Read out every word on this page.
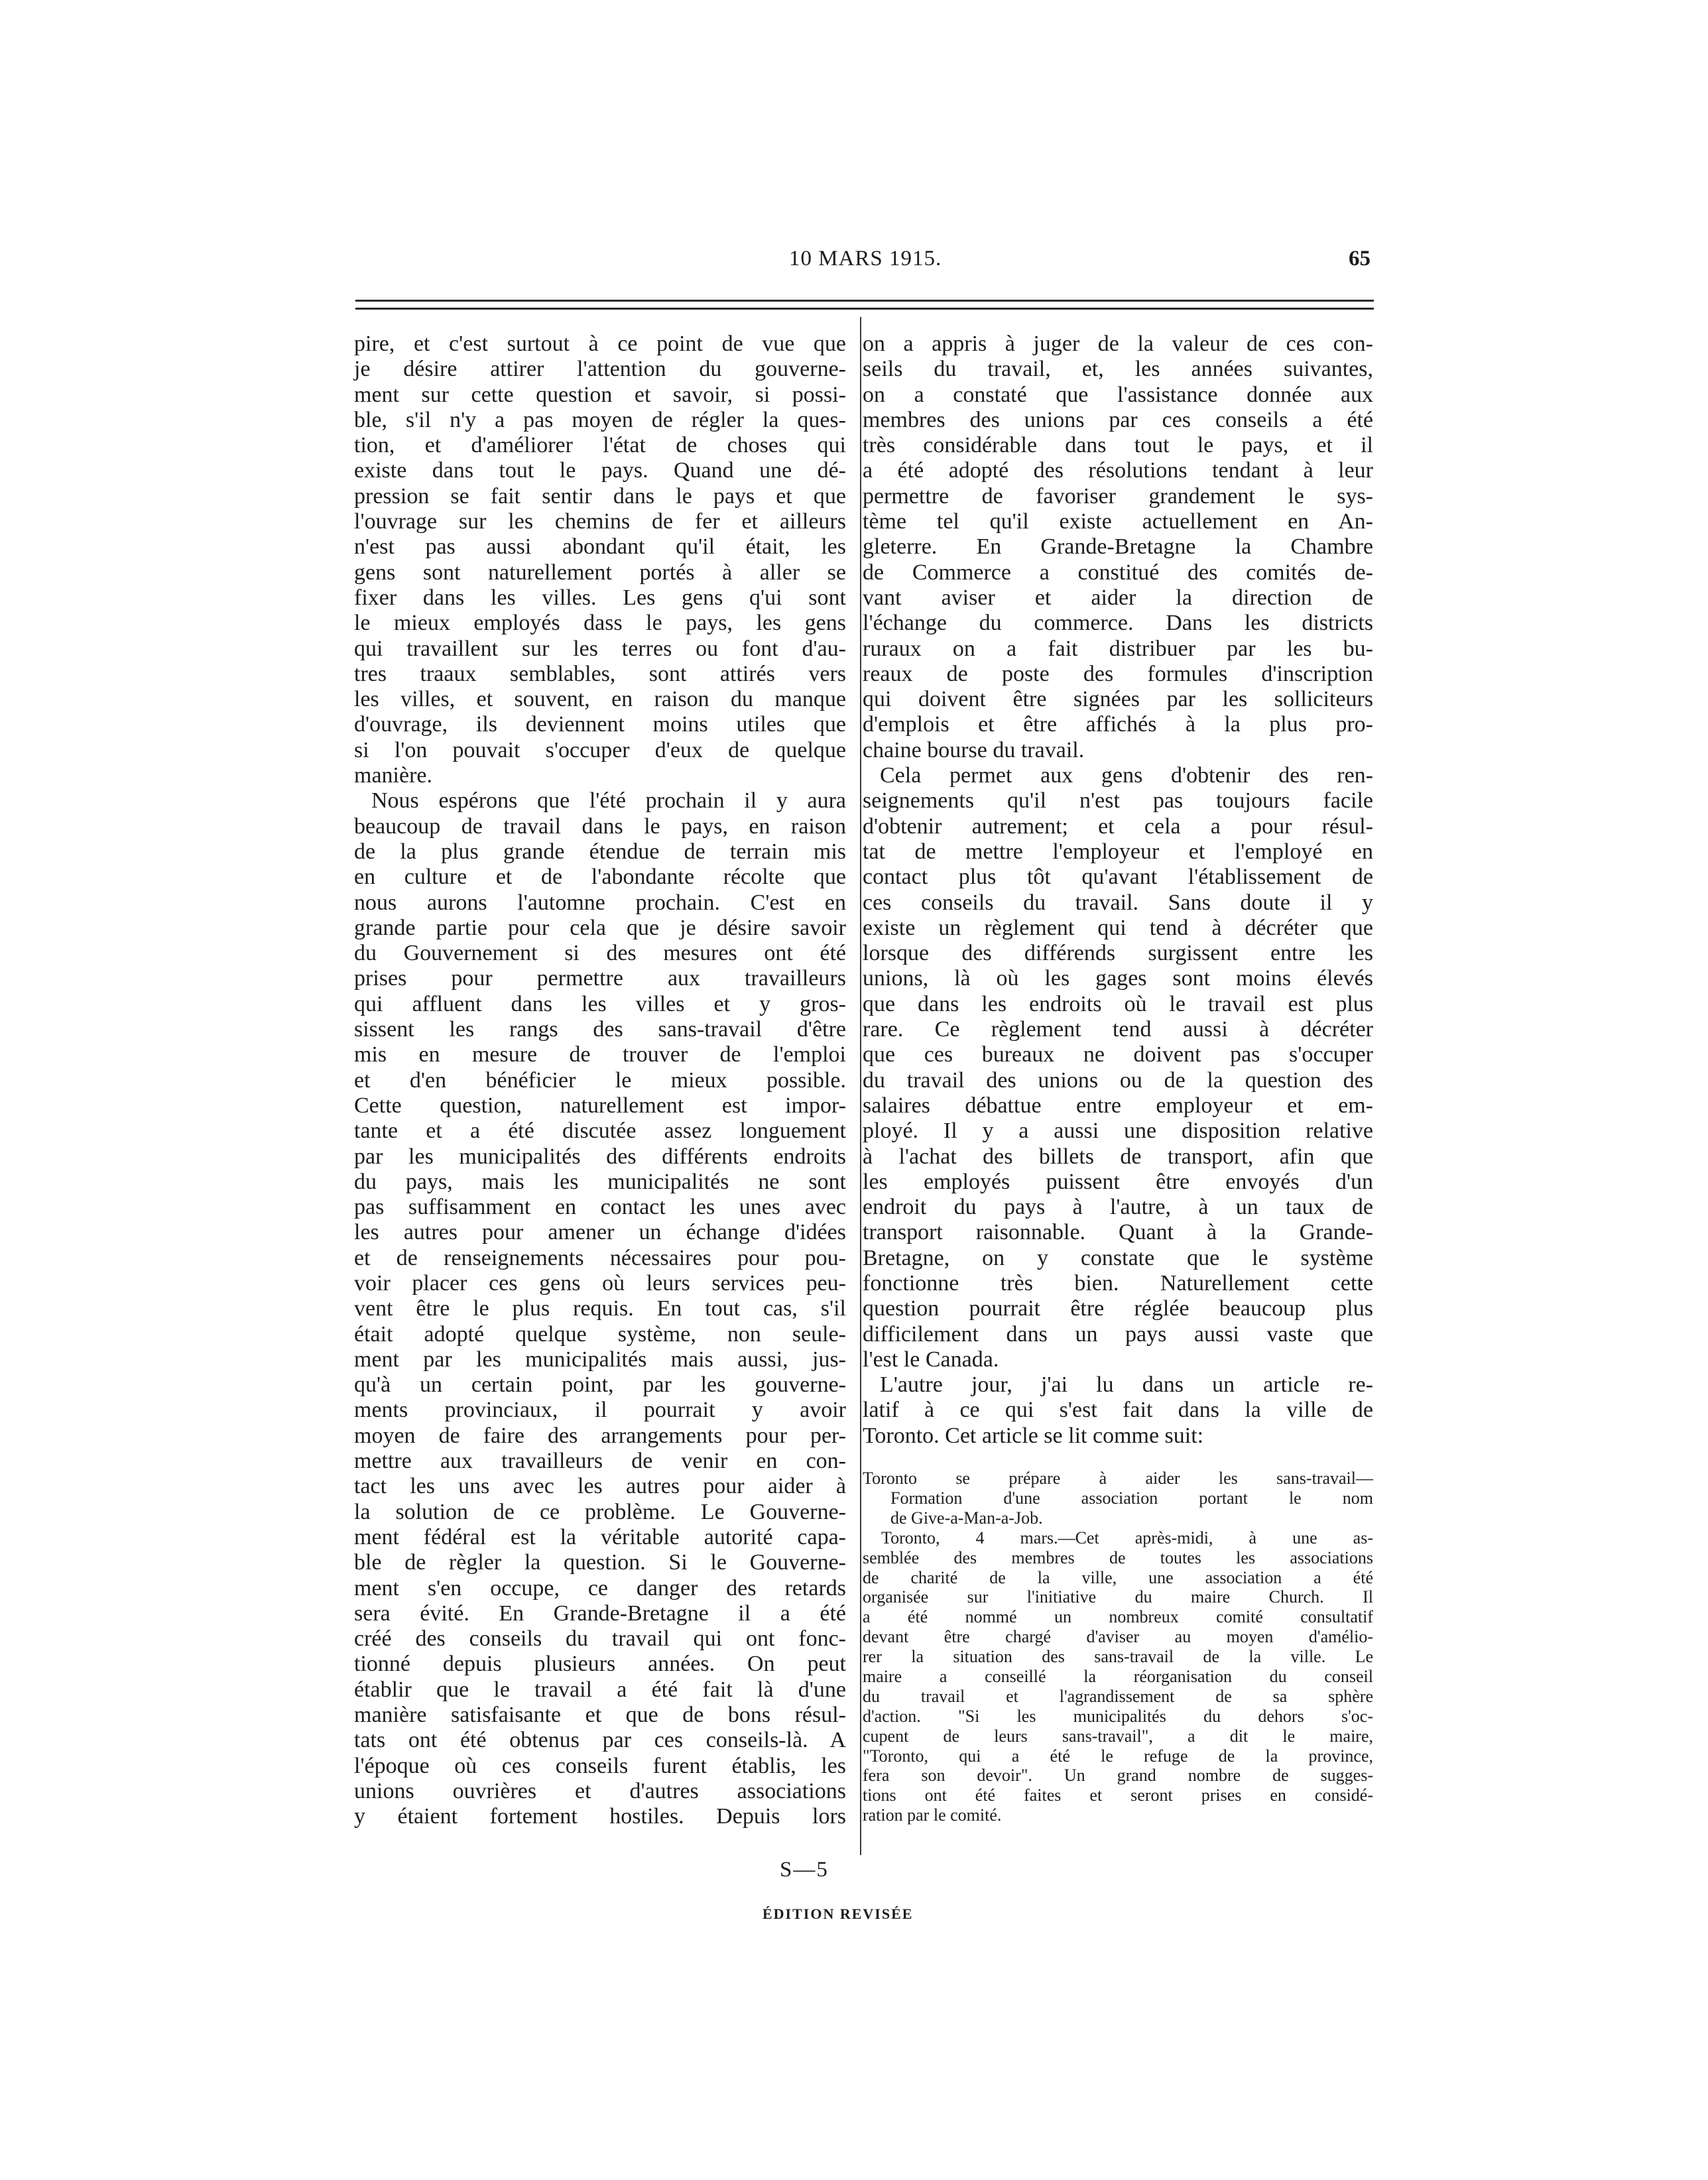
10 MARS 1915.	65
pire, et c'est surtout à ce point de vue que
je désire attirer l'attention du gouverne-
ment sur cette question et savoir, si possi-
ble, s'il n'y a pas moyen de régler la ques-
tion, et d'améliorer l'état de choses qui
existe dans tout le pays. Quand une dé-
pression se fait sentir dans le pays et que
l'ouvrage sur les chemins de fer et ailleurs
n'est pas aussi abondant qu'il était, les
gens sont naturellement portés à aller se
fixer dans les villes. Les gens q'ui sont
le mieux employés dass le pays, les gens
qui travaillent sur les terres ou font d'au-
tres traaux semblables, sont attirés vers
les villes, et souvent, en raison du manque
d'ouvrage, ils deviennent moins utiles que
si l'on pouvait s'occuper d'eux de quelque
manière.
Nous espérons que l'été prochain il y aura
beaucoup de travail dans le pays, en raison
de la plus grande étendue de terrain mis
en culture et de l'abondante récolte que
nous aurons l'automne prochain. C'est en
grande partie pour cela que je désire savoir
du Gouvernement si des mesures ont été
prises pour permettre aux travailleurs
qui affluent dans les villes et y gros-
sissent les rangs des sans-travail d'être
mis en mesure de trouver de l'emploi
et d'en bénéficier le mieux possible.
Cette question, naturellement est impor-
tante et a été discutée assez longuement
par les municipalités des différents endroits
du pays, mais les municipalités ne sont
pas suffisamment en contact les unes avec
les autres pour amener un échange d'idées
et de renseignements nécessaires pour pou-
voir placer ces gens où leurs services peu-
vent être le plus requis. En tout cas, s'il
était adopté quelque système, non seule-
ment par les municipalités mais aussi, jus-
qu'à un certain point, par les gouverne-
ments provinciaux, il pourrait y avoir
moyen de faire des arrangements pour per-
mettre aux travailleurs de venir en con-
tact les uns avec les autres pour aider à
la solution de ce problème. Le Gouverne-
ment fédéral est la véritable autorité capa-
ble de règler la question. Si le Gouverne-
ment s'en occupe, ce danger des retards
sera évité. En Grande-Bretagne il a été
créé des conseils du travail qui ont fonc-
tionné depuis plusieurs années. On peut
établir que le travail a été fait là d'une
manière satisfaisante et que de bons résul-
tats ont été obtenus par ces conseils-là. A
l'époque où ces conseils furent établis, les
unions ouvrières et d'autres associations
y étaient fortement hostiles. Depuis lors
on a appris à juger de la valeur de ces con-
seils du travail, et, les années suivantes,
on a constaté que l'assistance donnée aux
membres des unions par ces conseils a été
très considérable dans tout le pays, et il
a été adopté des résolutions tendant à leur
permettre de favoriser grandement le sys-
tème tel qu'il existe actuellement en An-
gleterre. En Grande-Bretagne la Chambre
de Commerce a constitué des comités de-
vant aviser et aider la direction de
l'échange du commerce. Dans les districts
ruraux on a fait distribuer par les bu-
reaux de poste des formules d'inscription
qui doivent être signées par les solliciteurs
d'emplois et être affichés à la plus pro-
chaine bourse du travail.
Cela permet aux gens d'obtenir des ren-
seignements qu'il n'est pas toujours facile
d'obtenir autrement; et cela a pour résul-
tat de mettre l'employeur et l'employé en
contact plus tôt qu'avant l'établissement de
ces conseils du travail. Sans doute il y
existe un règlement qui tend à décréter que
lorsque des différends surgissent entre les
unions, là où les gages sont moins élevés
que dans les endroits où le travail est plus
rare. Ce règlement tend aussi à décréter
que ces bureaux ne doivent pas s'occuper
du travail des unions ou de la question des
salaires débattue entre employeur et em-
ployé. Il y a aussi une disposition relative
à l'achat des billets de transport, afin que
les employés puissent être envoyés d'un
endroit du pays à l'autre, à un taux de
transport raisonnable. Quant à la Grande-
Bretagne, on y constate que le système
fonctionne très bien. Naturellement cette
question pourrait être réglée beaucoup plus
difficilement dans un pays aussi vaste que
l'est le Canada.
L'autre jour, j'ai lu dans un article re-
latif à ce qui s'est fait dans la ville de
Toronto. Cet article se lit comme suit:
Toronto se prépare à aider les sans-travail—
Formation d'une association portant le nom
de Give-a-Man-a-Job.
Toronto, 4 mars.—Cet après-midi, à une as-
semblée des membres de toutes les associations
de charité de la ville, une association a été
organisée sur l'initiative du maire Church. Il
a été nommé un nombreux comité consultatif
devant être chargé d'aviser au moyen d'amélio-
rer la situation des sans-travail de la ville. Le
maire a conseillé la réorganisation du conseil
du travail et l'agrandissement de sa sphère
d'action. "Si les municipalités du dehors s'oc-
cupent de leurs sans-travail", a dit le maire,
"Toronto, qui a été le refuge de la province,
fera son devoir". Un grand nombre de sugges-
tions ont été faites et seront prises en considé-
ration par le comité.
S—5
ÉDITION REVISÉE
